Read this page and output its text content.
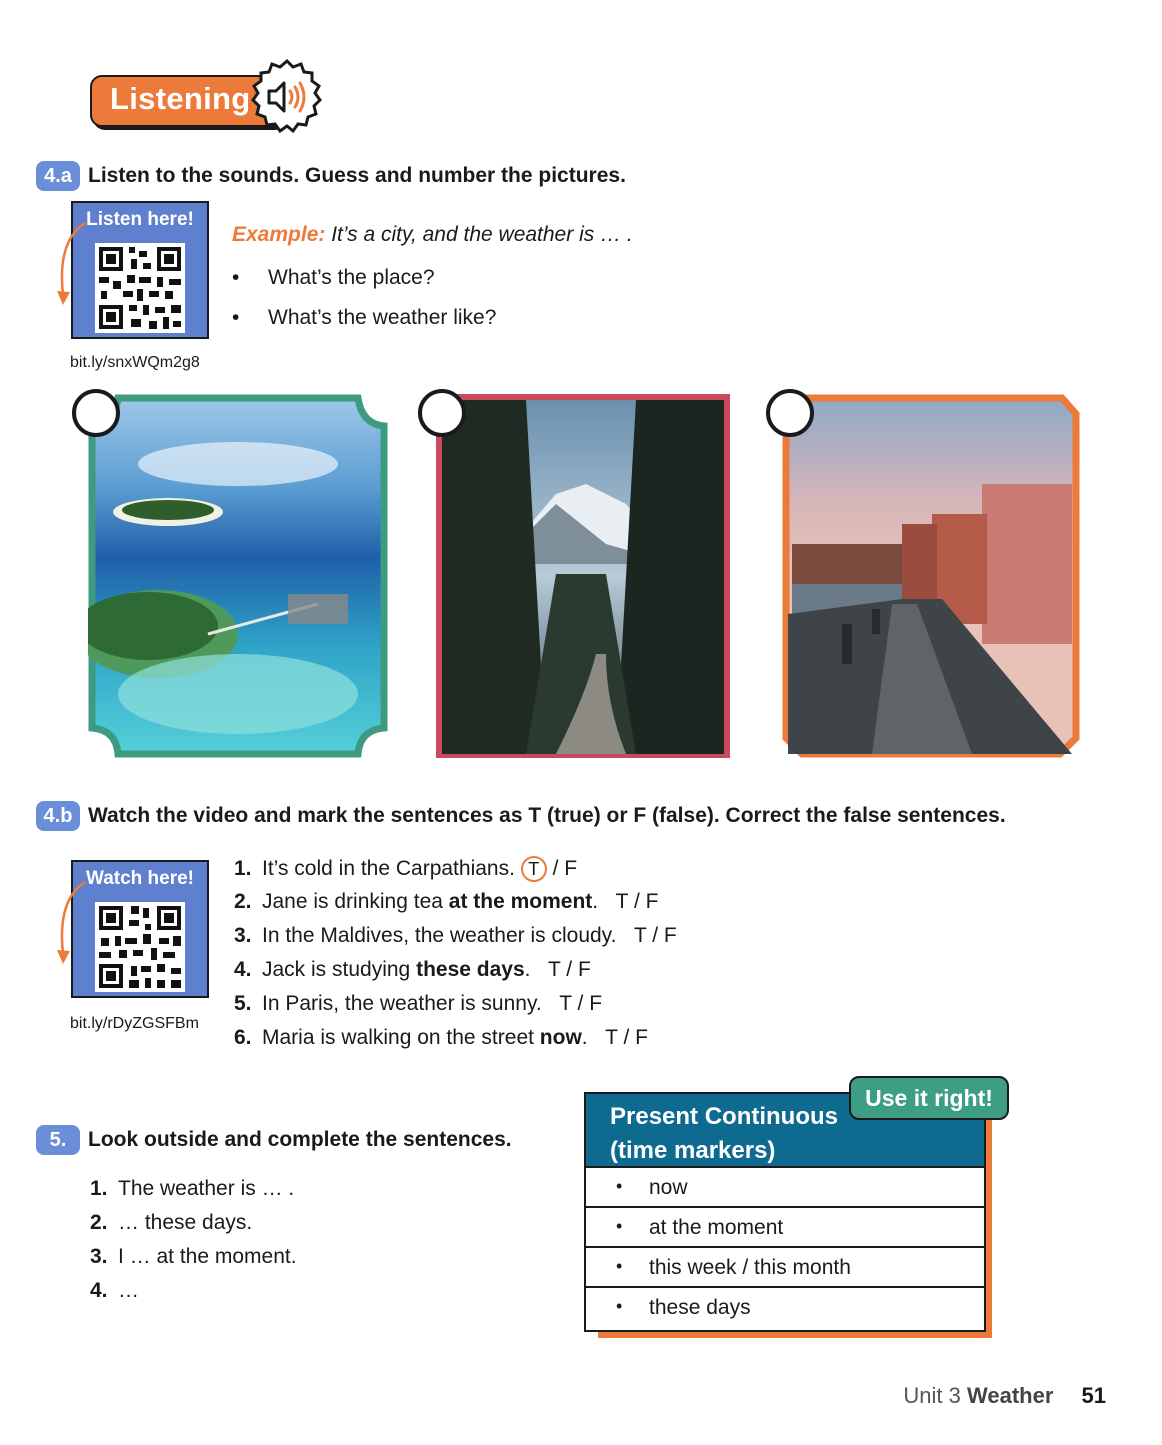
Listening
4.a Listen to the sounds. Guess and number the pictures.
Listen here!
bit.ly/snxWQm2g8
Example: It’s a city, and the weather is … .
• What’s the place?
• What’s the weather like?
4.b Watch the video and mark the sentences as T (true) or F (false). Correct the false sentences.
Watch here!
bit.ly/rDyZGSFBm
1. It’s cold in the Carpathians. T / F
2. Jane is drinking tea at the moment. T / F
3. In the Maldives, the weather is cloudy. T / F
4. Jack is studying these days. T / F
5. In Paris, the weather is sunny. T / F
6. Maria is walking on the street now. T / F
5.	Look outside and complete the sentences.
1. The weather is … .
2. … these days.
3. I … at the moment.
4. …
Present Continuous
(time markers)
• now
• at the moment
• this week / this month
• these days
Use it right!
Unit 3 Weather 51
